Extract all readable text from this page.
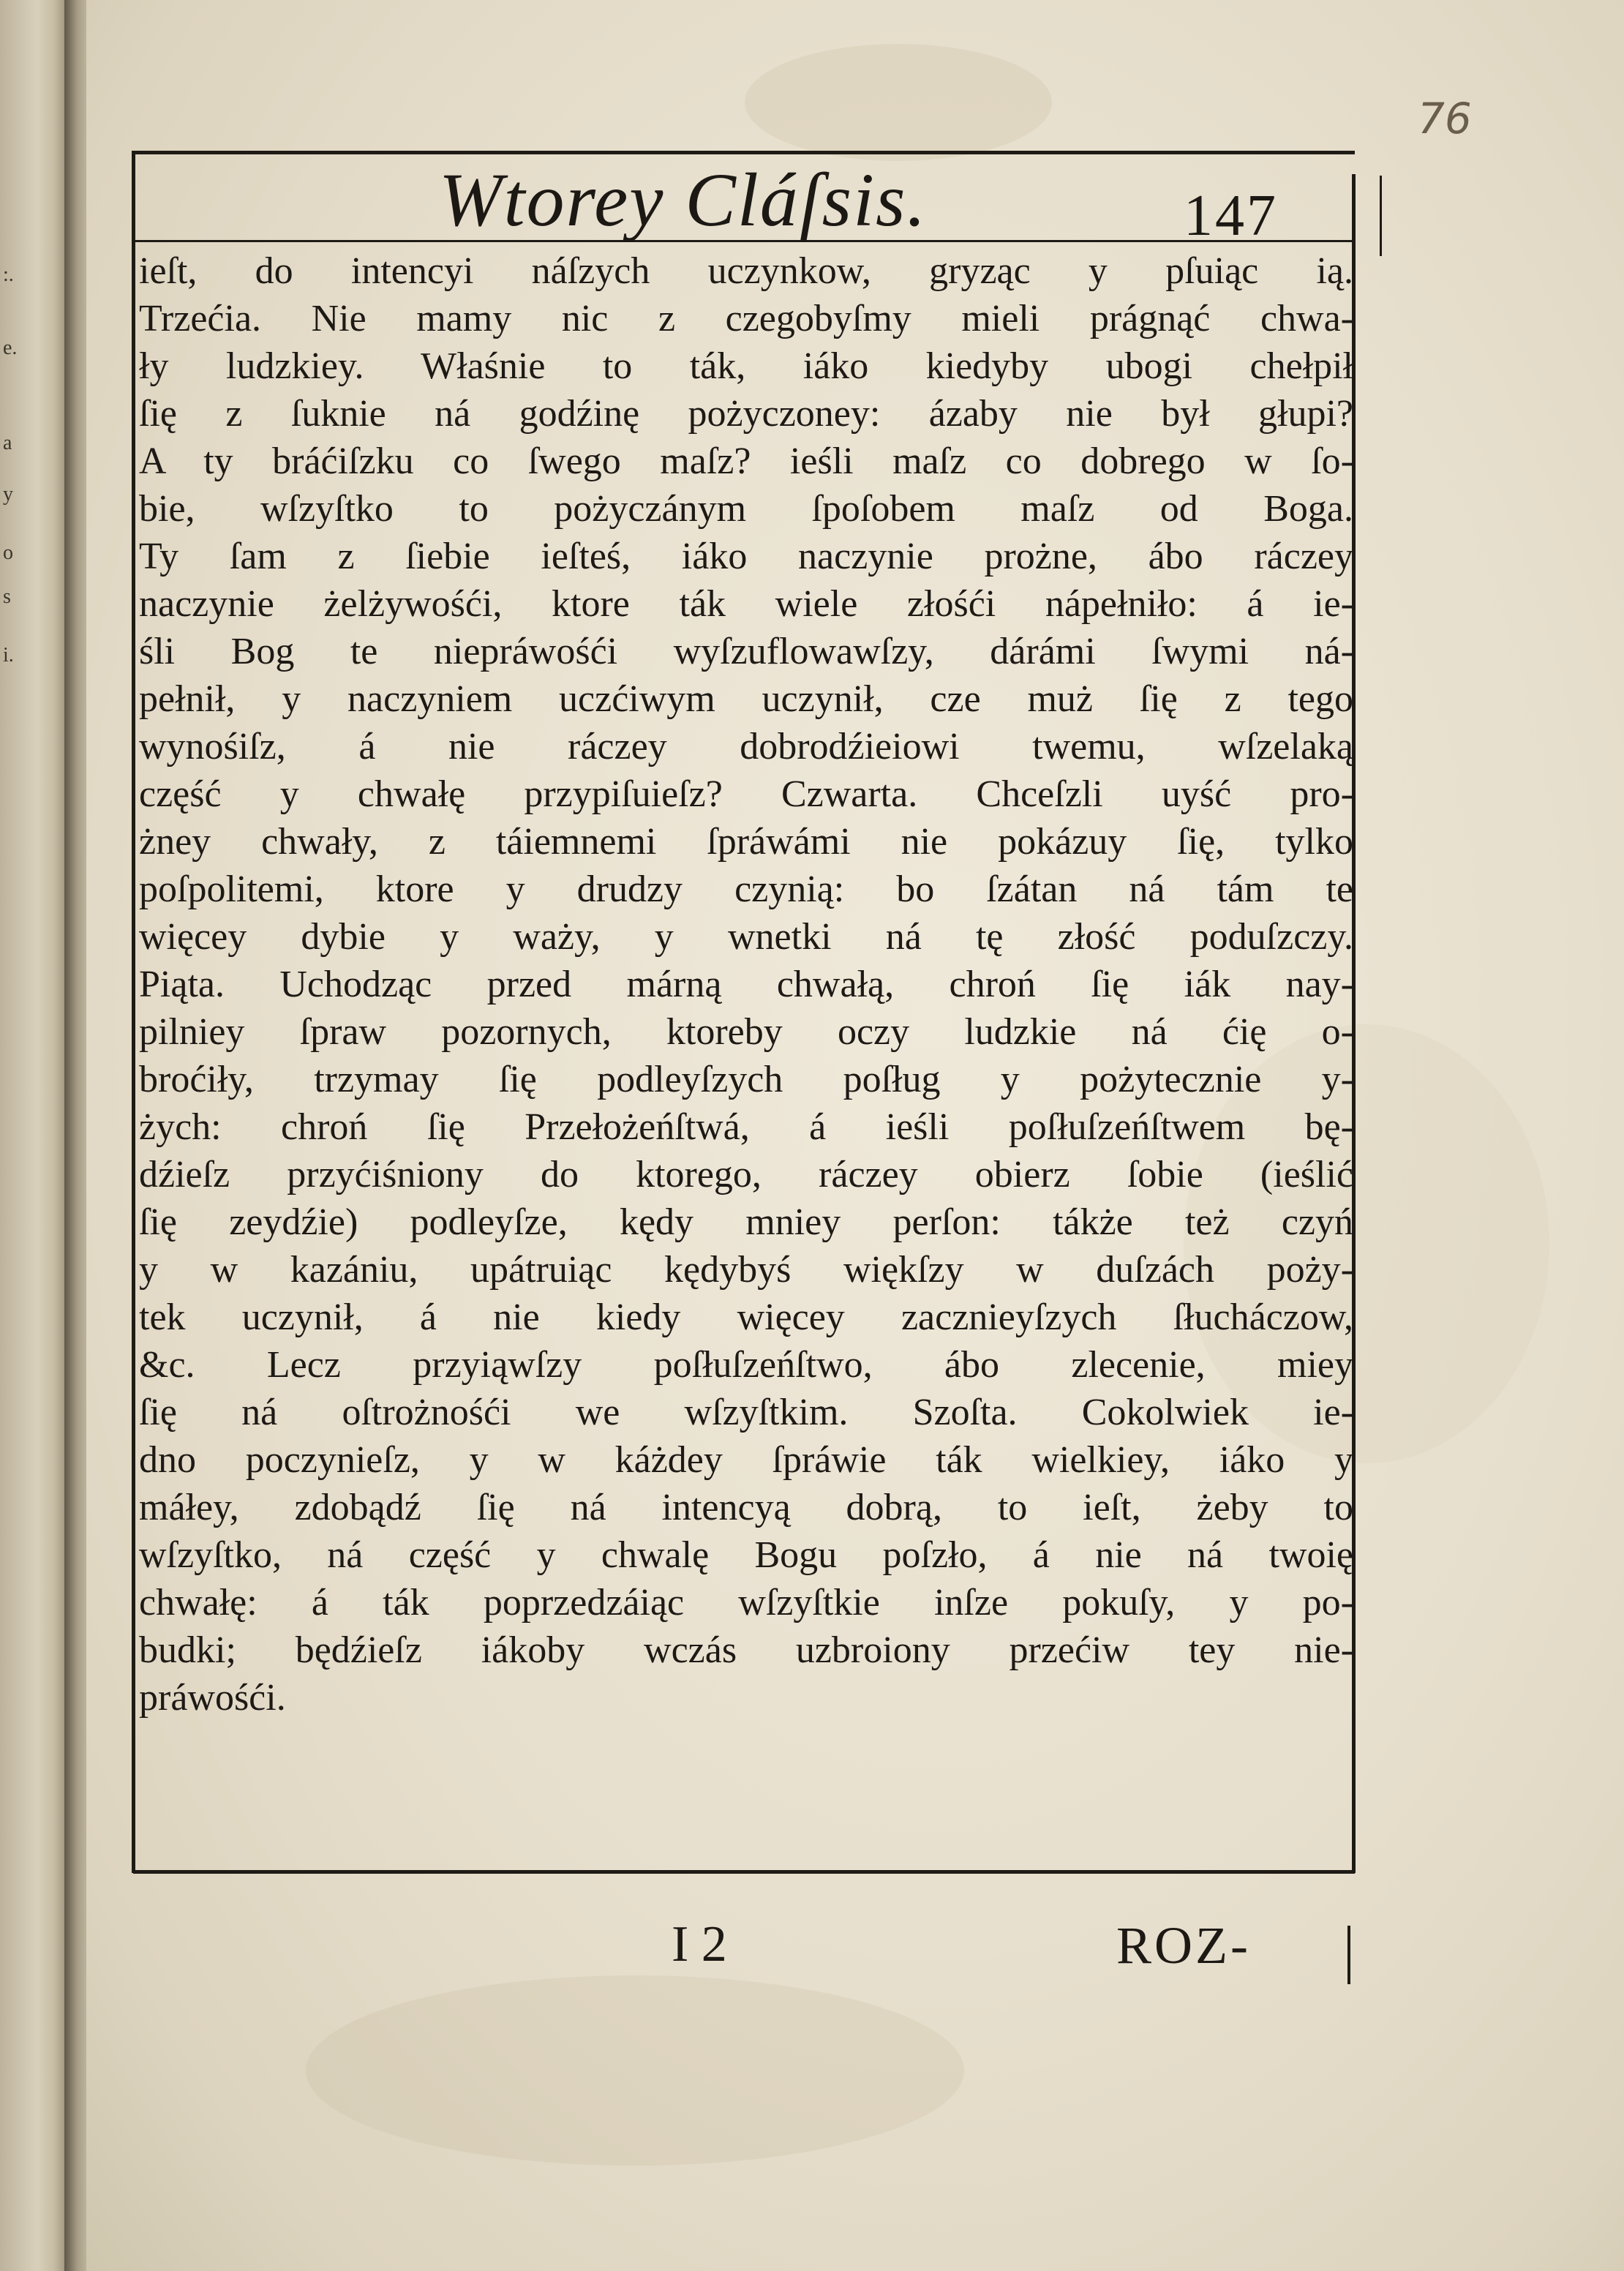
:.
e.
a
y
o
s
i.
76
Wtorey Cláſsis.	147
ieſt, do intencyi náſzych uczynkow, gryząc y pſuiąc ią.
Trzećia. Nie mamy nic z czegobyſmy mieli prágnąć chwa-
ły ludzkiey. Właśnie to ták, iáko kiedyby ubogi chełpił
ſię z ſuknie ná godźinę pożyczoney: ázaby nie był głupi?
A ty bráćiſzku co ſwego maſz? ieśli maſz co dobrego w ſo-
bie, wſzyſtko to pożyczánym ſpoſobem maſz od Boga.
Ty ſam z ſiebie ieſteś, iáko naczynie prożne, ábo ráczey
naczynie żelżywośći, ktore ták wiele złośći nápełniło: á ie-
śli Bog te niepráwośći wyſzuflowawſzy, dárámi ſwymi ná-
pełnił, y naczyniem uczćiwym uczynił, cze muż ſię z tego
wynośiſz, á nie ráczey dobrodźieiowi twemu, wſzelaką
część y chwałę przypiſuieſz? Czwarta. Chceſzli uyść pro-
żney chwały, z táiemnemi ſpráwámi nie pokázuy ſię, tylko
poſpolitemi, ktore y drudzy czynią: bo ſzátan ná tám te
więcey dybie y waży, y wnetki ná tę złość poduſzczy.
Piąta. Uchodząc przed márną chwałą, chroń ſię iák nay-
pilniey ſpraw pozornych, ktoreby oczy ludzkie ná ćię o-
broćiły, trzymay ſię podleyſzych poſług y pożytecznie y-
żych: chroń ſię Przełożeńſtwá, á ieśli poſłuſzeńſtwem bę-
dźieſz przyćiśniony do ktorego, ráczey obierz ſobie (ieślić
ſię zeydźie) podleyſze, kędy mniey perſon: tákże też czyń
y w kazániu, upátruiąc kędybyś więkſzy w duſzách poży-
tek uczynił, á nie kiedy więcey zacznieyſzych ſłucháczow,
&c. Lecz przyiąwſzy poſłuſzeńſtwo, ábo zlecenie, miey
ſię ná oſtrożnośći we wſzyſtkim. Szoſta. Cokolwiek ie-
dno poczynieſz, y w káżdey ſpráwie ták wielkiey, iáko y
máłey, zdobądź ſię ná intencyą dobrą, to ieſt, żeby to
wſzyſtko, ná część y chwalę Bogu poſzło, á nie ná twoię
chwałę: á ták poprzedzáiąc wſzyſtkie inſze pokuſy, y po-
budki; będźieſz iákoby wczás uzbroiony przećiw tey nie-
práwośći.
I 2	ROZ-
